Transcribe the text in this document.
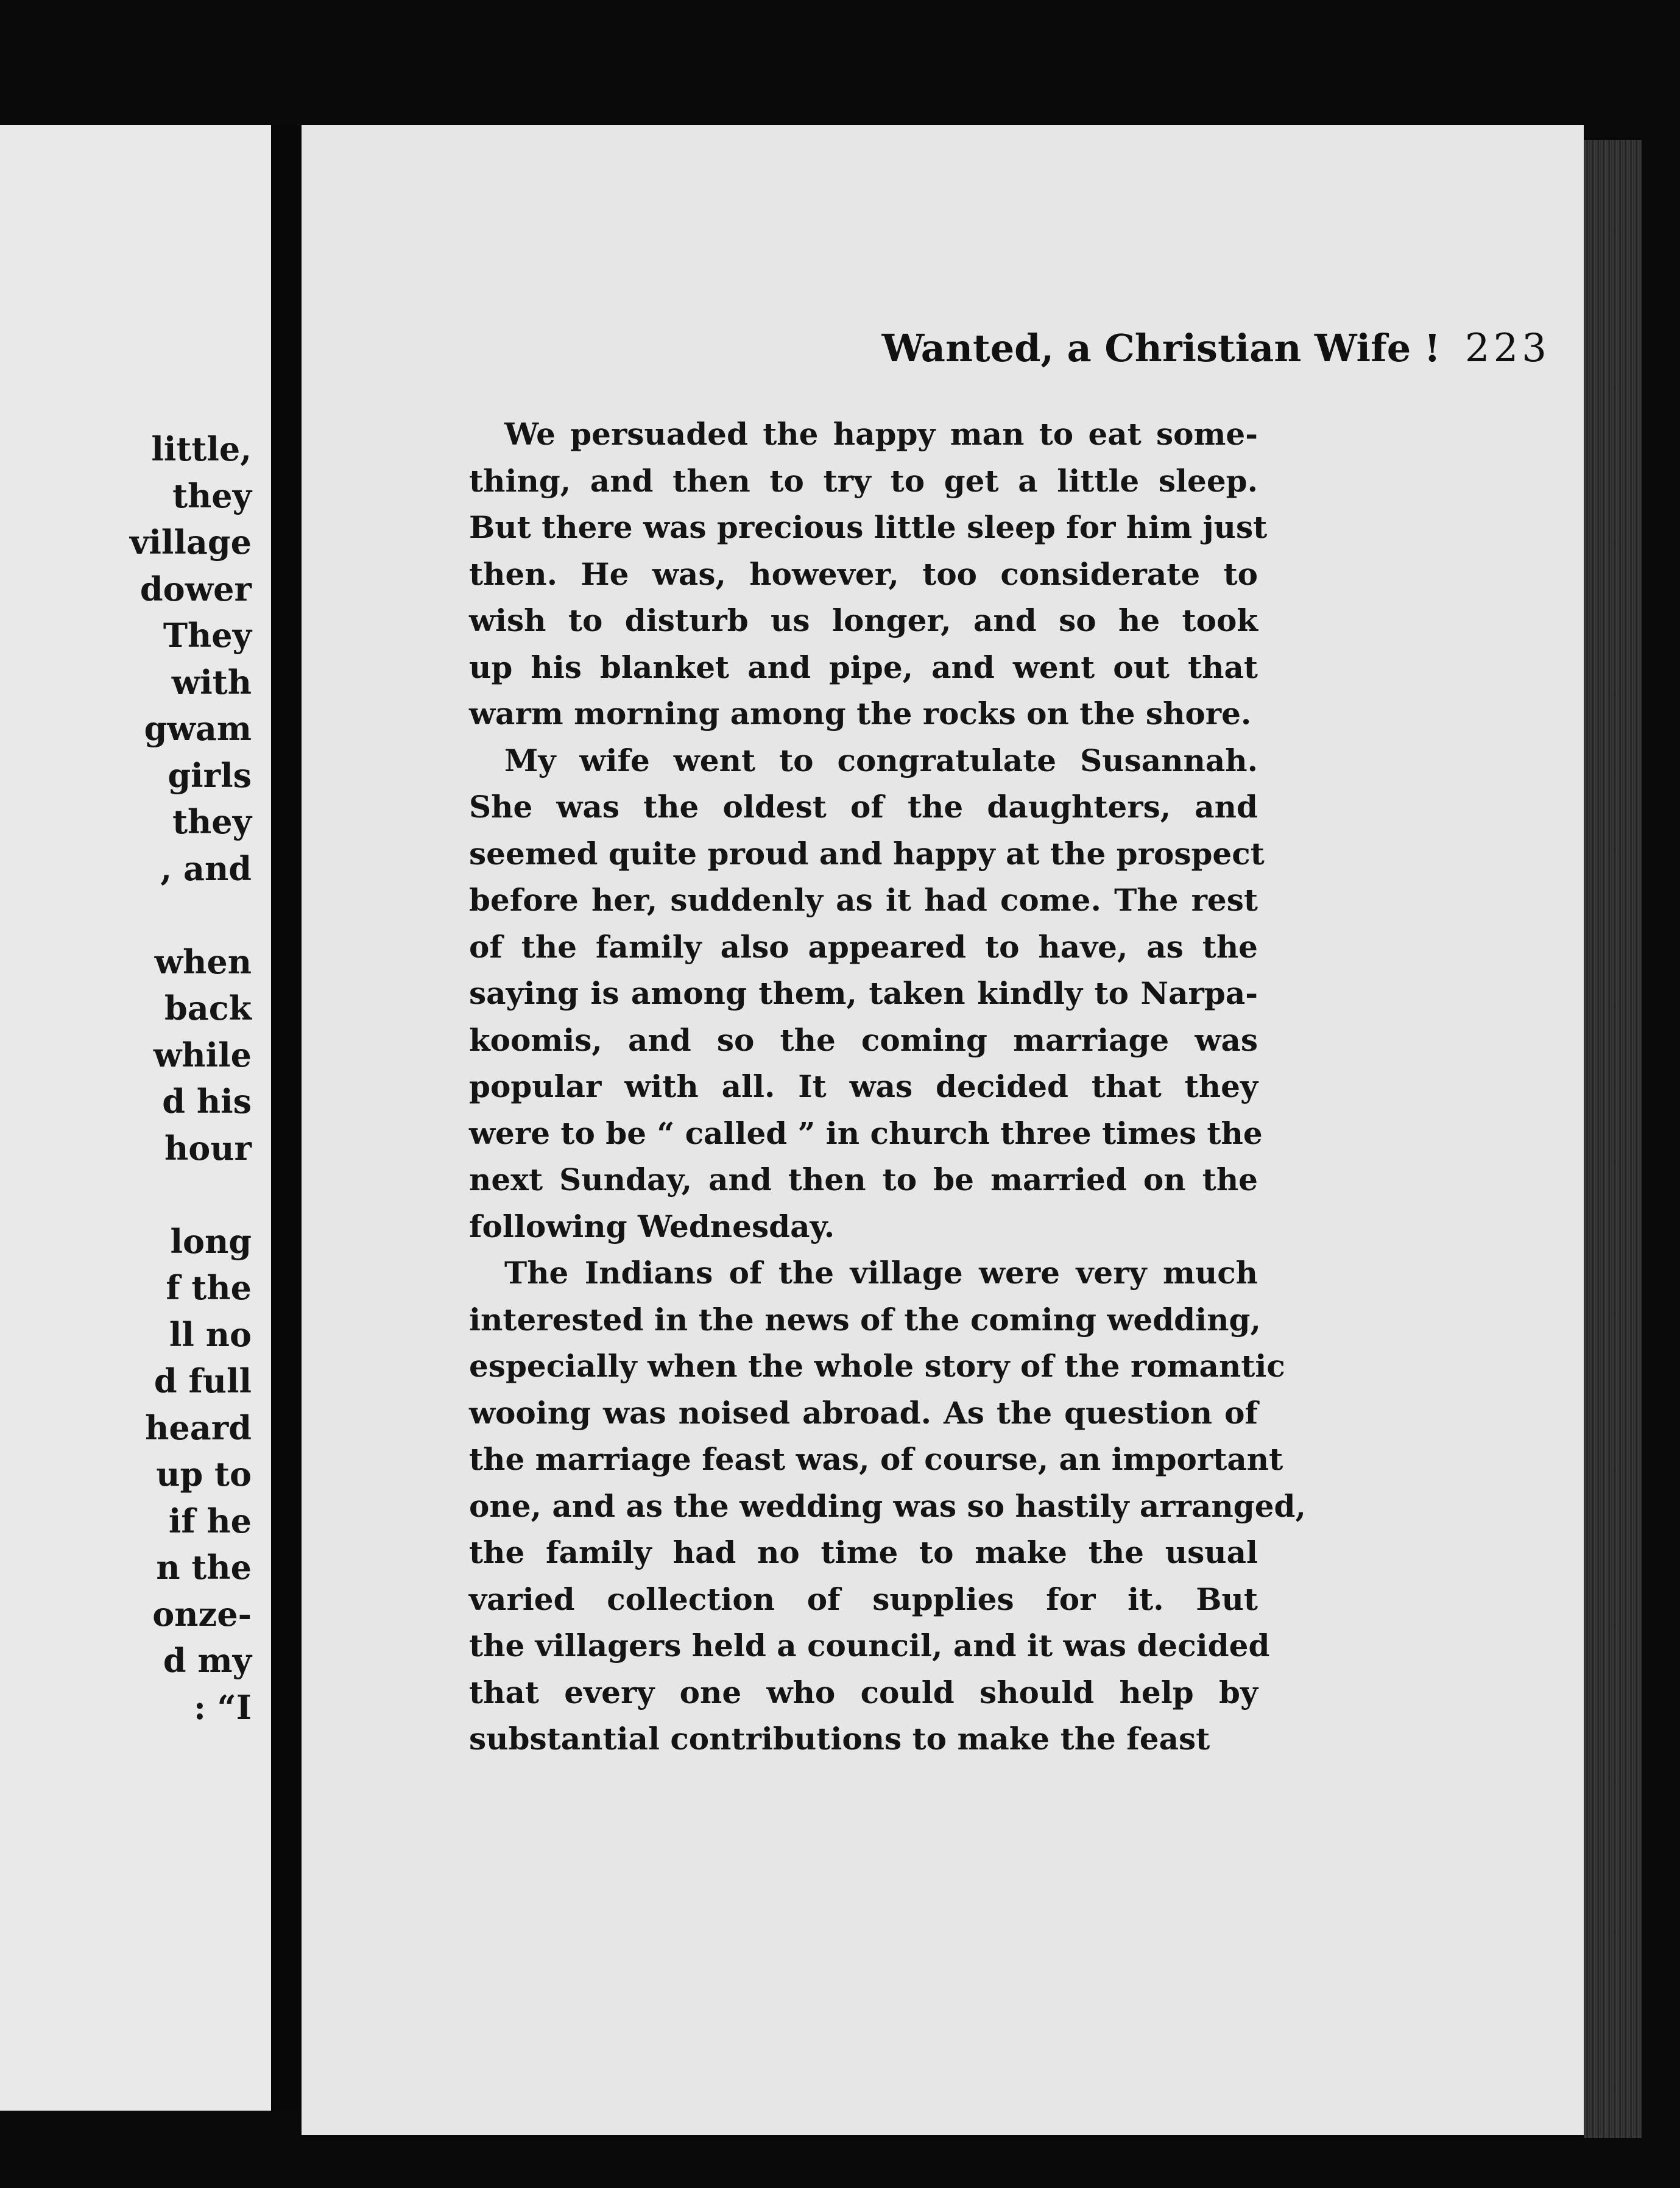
little,
they
village
dower
They
with
gwam
girls
they
, and
when
back
while
d his
hour
long
f the
ll no
d full
heard
up to
if he
n the
onze-
d my
: “I
Wanted, a Christian Wife ! 223
We persuaded the happy man to eat some-
thing, and then to try to get a little sleep.
But there was precious little sleep for him just
then. He was, however, too considerate to
wish to disturb us longer, and so he took
up his blanket and pipe, and went out that
warm morning among the rocks on the shore.
My wife went to congratulate Susannah.
She was the oldest of the daughters, and
seemed quite proud and happy at the prospect
before her, suddenly as it had come. The rest
of the family also appeared to have, as the
saying is among them, taken kindly to Narpa-
koomis, and so the coming marriage was
popular with all. It was decided that they
were to be “ called ” in church three times the
next Sunday, and then to be married on the
following Wednesday.
The Indians of the village were very much
interested in the news of the coming wedding,
especially when the whole story of the romantic
wooing was noised abroad. As the question of
the marriage feast was, of course, an important
one, and as the wedding was so hastily arranged,
the family had no time to make the usual
varied collection of supplies for it. But
the villagers held a council, and it was decided
that every one who could should help by
substantial contributions to make the feast
